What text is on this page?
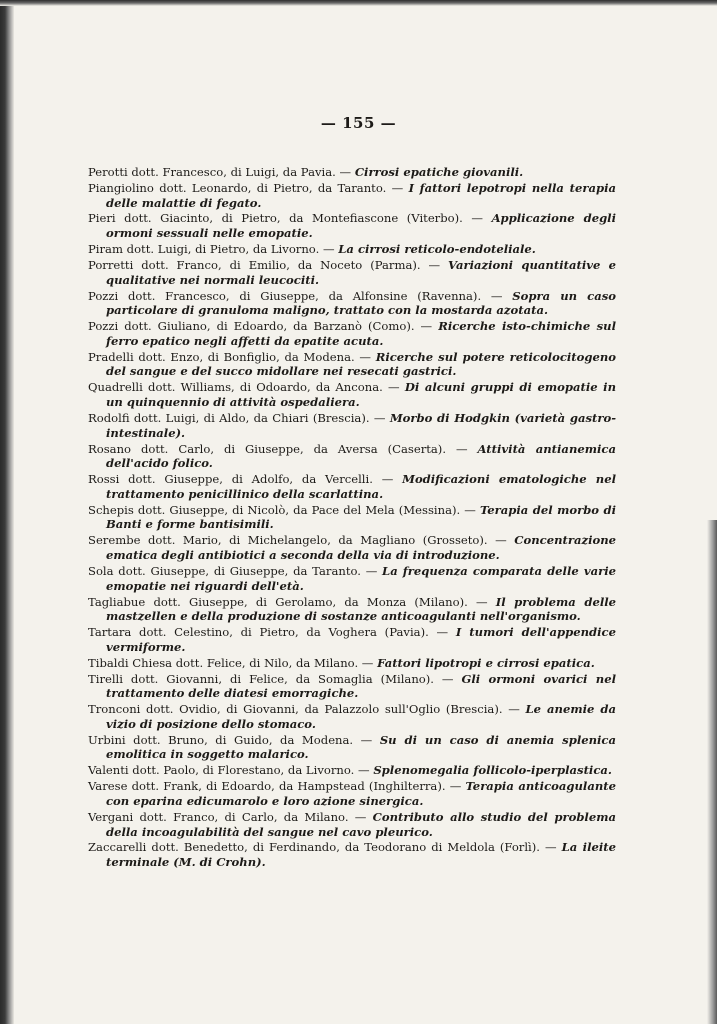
— 155 —

Perotti dott. Francesco, di Luigi, da Pavia. — Cirrosi epatiche giovanili.

Piangiolino dott. Leonardo, di Pietro, da Taranto. — I fattori lepotropi nella terapia delle malattie di fegato.

Pieri dott. Giacinto, di Pietro, da Montefiascone (Viterbo). — Applicazione degli ormoni sessuali nelle emopatie.

Piram dott. Luigi, di Pietro, da Livorno. — La cirrosi reticolo-endoteliale.

Porretti dott. Franco, di Emilio, da Noceto (Parma). — Variazioni quantitative e qualitative nei normali leucociti.

Pozzi dott. Francesco, di Giuseppe, da Alfonsine (Ravenna). — Sopra un caso particolare di granuloma maligno, trattato con la mostarda azotata.

Pozzi dott. Giuliano, di Edoardo, da Barzanò (Como). — Ricerche isto-chimiche sul ferro epatico negli affetti da epatite acuta.

Pradelli dott. Enzo, di Bonfiglio, da Modena. — Ricerche sul potere reticolocitogeno del sangue e del succo midollare nei resecati gastrici.

Quadrelli dott. Williams, di Odoardo, da Ancona. — Di alcuni gruppi di emopatie in un quinquennio di attività ospedaliera.

Rodolfi dott. Luigi, di Aldo, da Chiari (Brescia). — Morbo di Hodgkin (varietà gastro-intestinale).

Rosano dott. Carlo, di Giuseppe, da Aversa (Caserta). — Attività antianemica dell'acido folico.

Rossi dott. Giuseppe, di Adolfo, da Vercelli. — Modificazioni ematologiche nel trattamento penicillinico della scarlattina.

Schepis dott. Giuseppe, di Nicolò, da Pace del Mela (Messina). — Terapia del morbo di Banti e forme bantisimili.

Serembe dott. Mario, di Michelangelo, da Magliano (Grosseto). — Concentrazione ematica degli antibiotici a seconda della via di introduzione.

Sola dott. Giuseppe, di Giuseppe, da Taranto. — La frequenza comparata delle varie emopatie nei riguardi dell'età.

Tagliabue dott. Giuseppe, di Gerolamo, da Monza (Milano). — Il problema delle mastzellen e della produzione di sostanze anticoagulanti nell'organismo.

Tartara dott. Celestino, di Pietro, da Voghera (Pavia). — I tumori dell'appendice vermiforme.

Tibaldi Chiesa dott. Felice, di Nilo, da Milano. — Fattori lipotropi e cirrosi epatica.

Tirelli dott. Giovanni, di Felice, da Somaglia (Milano). — Gli ormoni ovarici nel trattamento delle diatesi emorragiche.

Tronconi dott. Ovidio, di Giovanni, da Palazzolo sull'Oglio (Brescia). — Le anemie da vizio di posizione dello stomaco.

Urbini dott. Bruno, di Guido, da Modena. — Su di un caso di anemia splenica emolitica in soggetto malarico.

Valenti dott. Paolo, di Florestano, da Livorno. — Splenomegalia follicolo-iperplastica.

Varese dott. Frank, di Edoardo, da Hampstead (Inghilterra). — Terapia anticoagulante con eparina edicumarolo e loro azione sinergica.

Vergani dott. Franco, di Carlo, da Milano. — Contributo allo studio del problema della incoagulabilità del sangue nel cavo pleurico.

Zaccarelli dott. Benedetto, di Ferdinando, da Teodorano di Meldola (Forlì). — La ileite terminale (M. di Crohn).
